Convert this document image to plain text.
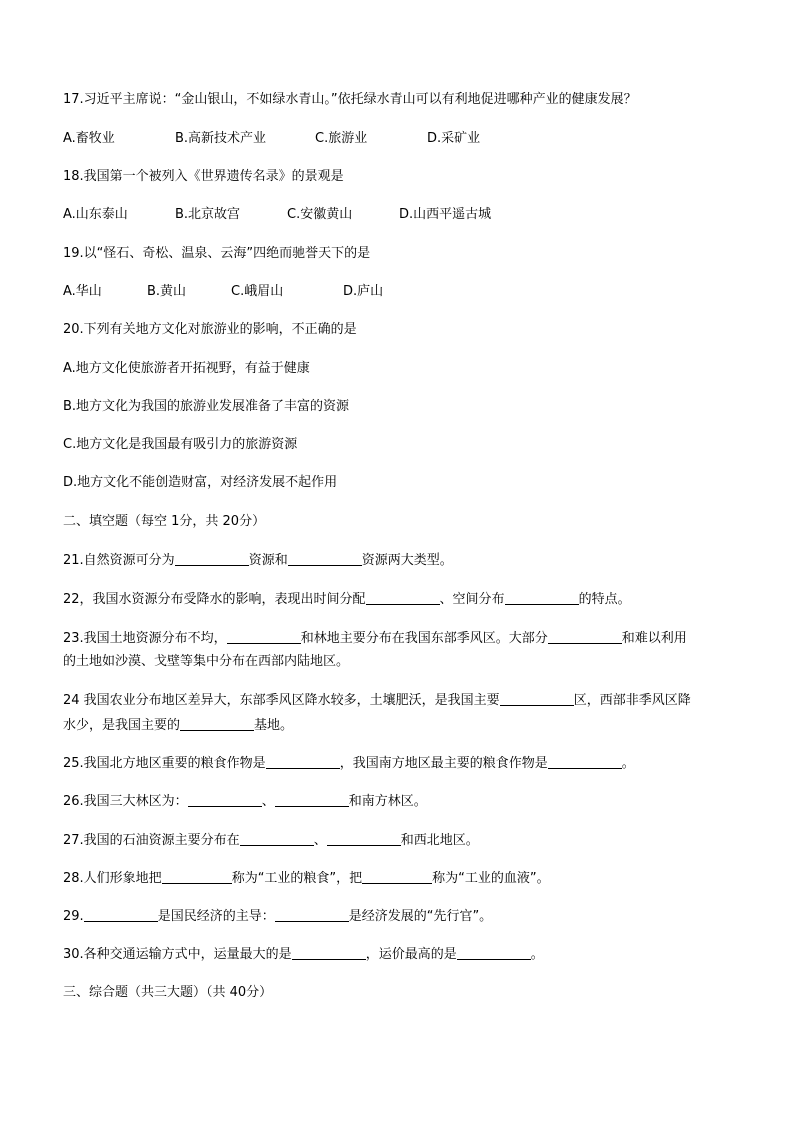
17.习近平主席说：“金山银山，不如绿水青山。”依托绿水青山可以有利地促进哪种产业的健康发展？
A.畜牧业	B.高新技术产业	C.旅游业	D.采矿业
18.我国第一个被列入《世界遗传名录》的景观是
A.山东泰山	B.北京故宫	C.安徽黄山	D.山西平遥古城
19.以“怪石、奇松、温泉、云海”四绝而驰誉天下的是
A.华山	B.黄山	C.峨眉山	D.庐山
20.下列有关地方文化对旅游业的影响，不正确的是
A.地方文化使旅游者开拓视野，有益于健康
B.地方文化为我国的旅游业发展准备了丰富的资源
C.地方文化是我国最有吸引力的旅游资源
D.地方文化不能创造财富，对经济发展不起作用
二、填空题（每空 1分，共 20分）
21.自然资源可分为	资源和	资源两大类型。
22，我国水资源分布受降水的影响，表现出时间分配	、空间分布	的特点。
23.我国土地资源分布不均，	和林地主要分布在我国东部季风区。大部分	和难以利用
的土地如沙漠、戈壁等集中分布在西部内陆地区。
24 我国农业分布地区差异大，东部季风区降水较多，土壤肥沃，是我国主要	区，西部非季风区降
水少，是我国主要的	基地。
25.我国北方地区重要的粮食作物是	，我国南方地区最主要的粮食作物是	。
26.我国三大林区为：	、	和南方林区。
27.我国的石油资源主要分布在	、	和西北地区。
28.人们形象地把	称为“工业的粮食”，把	称为“工业的血液”。
29.	是国民经济的主导：	是经济发展的“先行官”。
30.各种交通运输方式中，运量最大的是	，运价最高的是	。
三、综合题（共三大题）（共 40分）
